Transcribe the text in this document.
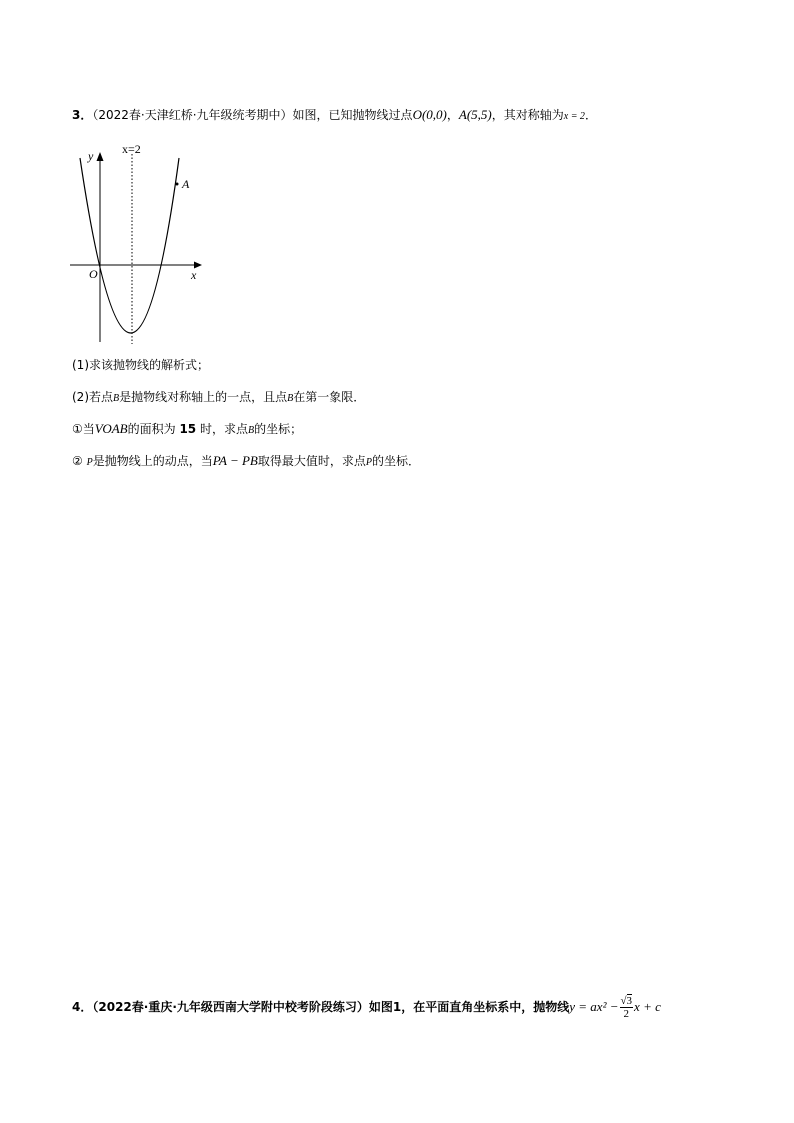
3．（2022春·天津红桥·九年级统考期中）如图，已知抛物线过点O(0,0)，A(5,5)，其对称轴为x = 2．
x=2
y
x
O
A
(1)求该抛物线的解析式；
(2)若点B是抛物线对称轴上的一点，且点B在第一象限．
①当VOAB的面积为 15 时，求点B的坐标；
② P是抛物线上的动点，当PA − PB取得最大值时，求点P的坐标．
4．（2022春·重庆·九年级西南大学附中校考阶段练习）如图1，在平面直角坐标系中，抛物线$y = ax^2 - \frac{√3}{2}$ x + c
